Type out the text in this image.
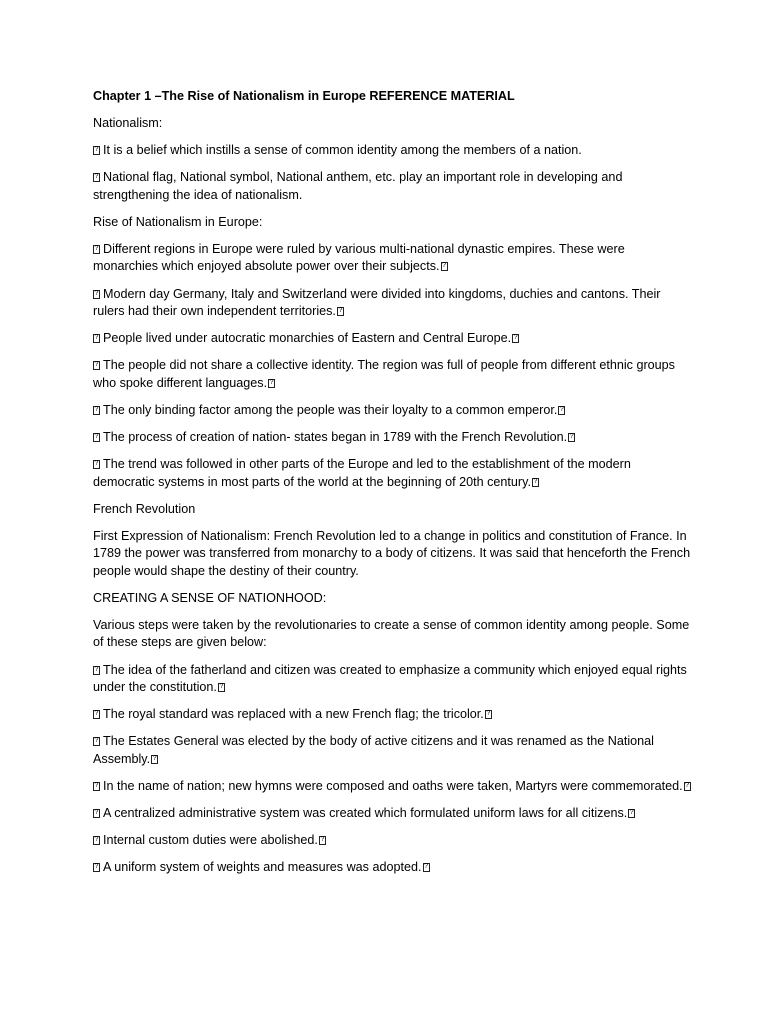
Chapter 1 –The Rise of Nationalism in Europe REFERENCE MATERIAL

Nationalism:

?It is a belief which instills a sense of common identity among the members of a nation.

?National flag, National symbol, National anthem, etc. play an important role in developing and strengthening the idea of nationalism.

Rise of Nationalism in Europe:

?Different regions in Europe were ruled by various multi-national dynastic empires. These were monarchies which enjoyed absolute power over their subjects.?

?Modern day Germany, Italy and Switzerland were divided into kingdoms, duchies and cantons. Their rulers had their own independent territories.?

?People lived under autocratic monarchies of Eastern and Central Europe.?

?The people did not share a collective identity. The region was full of people from different ethnic groups who spoke different languages.?

?The only binding factor among the people was their loyalty to a common emperor.?

?The process of creation of nation- states began in 1789 with the French Revolution.?

?The trend was followed in other parts of the Europe and led to the establishment of the modern democratic systems in most parts of the world at the beginning of 20th century.?

French Revolution

First Expression of Nationalism: French Revolution led to a change in politics and constitution of France. In 1789 the power was transferred from monarchy to a body of citizens. It was said that henceforth the French people would shape the destiny of their country.

CREATING A SENSE OF NATIONHOOD:

Various steps were taken by the revolutionaries to create a sense of common identity among people. Some of these steps are given below:

?The idea of the fatherland and citizen was created to emphasize a community which enjoyed equal rights under the constitution.?

?The royal standard was replaced with a new French flag; the tricolor.?

?The Estates General was elected by the body of active citizens and it was renamed as the National Assembly.?

?In the name of nation; new hymns were composed and oaths were taken, Martyrs were commemorated.?

?A centralized administrative system was created which formulated uniform laws for all citizens.?

?Internal custom duties were abolished.?

?A uniform system of weights and measures was adopted.?
